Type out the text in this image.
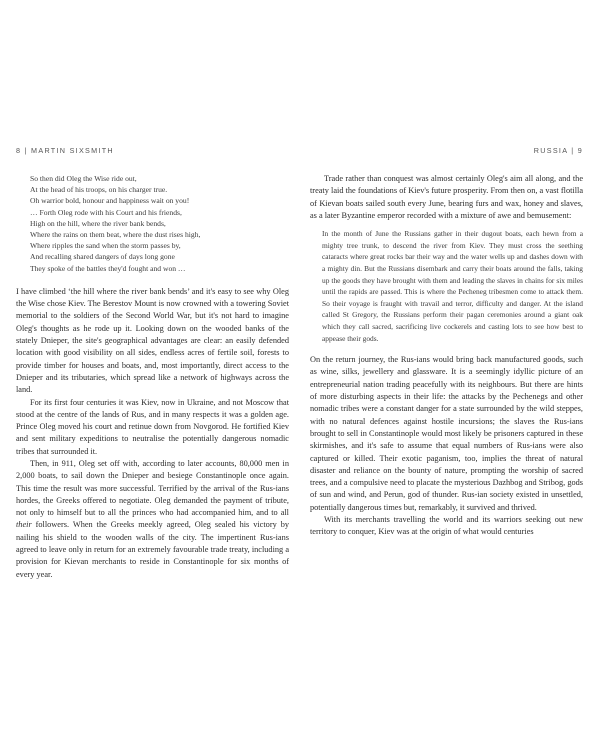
8 | MARTIN SIXSMITH
So then did Oleg the Wise ride out,
At the head of his troops, on his charger true.
Oh warrior bold, honour and happiness wait on you!
… Forth Oleg rode with his Court and his friends,
High on the hill, where the river bank bends,
Where the rains on them beat, where the dust rises high,
Where ripples the sand when the storm passes by,
And recalling shared dangers of days long gone
They spoke of the battles they'd fought and won …

I have climbed ‘the hill where the river bank bends’ and it's easy to see why Oleg the Wise chose Kiev. The Berestov Mount is now crowned with a towering Soviet memorial to the soldiers of the Second World War, but it's not hard to imagine Oleg's thoughts as he rode up it. Looking down on the wooded banks of the stately Dnieper, the site's geographical advantages are clear: an easily defended location with good visibility on all sides, endless acres of fertile soil, forests to provide timber for houses and boats, and, most importantly, direct access to the Dnieper and its tributaries, which spread like a network of highways across the land.

For its first four centuries it was Kiev, now in Ukraine, and not Moscow that stood at the centre of the lands of Rus, and in many respects it was a golden age. Prince Oleg moved his court and retinue down from Novgorod. He fortified Kiev and sent military expeditions to neutralise the potentially dangerous nomadic tribes that surrounded it.

Then, in 911, Oleg set off with, according to later accounts, 80,000 men in 2,000 boats, to sail down the Dnieper and besiege Constantinople once again. This time the result was more successful. Terrified by the arrival of the Rus-ians hordes, the Greeks offered to negotiate. Oleg demanded the payment of tribute, not only to himself but to all the princes who had accompanied him, and to all their followers. When the Greeks meekly agreed, Oleg sealed his victory by nailing his shield to the wooden walls of the city. The impertinent Rus-ians agreed to leave only in return for an extremely favourable trade treaty, including a provision for Kievan merchants to reside in Constantinople for six months of every year.

RUSSIA | 9

Trade rather than conquest was almost certainly Oleg's aim all along, and the treaty laid the foundations of Kiev's future prosperity. From then on, a vast flotilla of Kievan boats sailed south every June, bearing furs and wax, honey and slaves, as a later Byzantine emperor recorded with a mixture of awe and bemusement:

In the month of June the Russians gather in their dugout boats, each hewn from a mighty tree trunk, to descend the river from Kiev. They must cross the seething cataracts where great rocks bar their way and the water wells up and dashes down with a mighty din. But the Russians disembark and carry their boats around the falls, taking up the goods they have brought with them and leading the slaves in chains for six miles until the rapids are passed. This is where the Pecheneg tribesmen come to attack them. So their voyage is fraught with travail and terror, difficulty and danger. At the island called St Gregory, the Russians perform their pagan ceremonies around a giant oak which they call sacred, sacrificing live cockerels and casting lots to see how best to appease their gods.

On the return journey, the Rus-ians would bring back manufactured goods, such as wine, silks, jewellery and glassware. It is a seemingly idyllic picture of an entrepreneurial nation trading peacefully with its neighbours. But there are hints of more disturbing aspects in their life: the attacks by the Pechenegs and other nomadic tribes were a constant danger for a state surrounded by the wild steppes, with no natural defences against hostile incursions; the slaves the Rus-ians brought to sell in Constantinople would most likely be prisoners captured in these skirmishes, and it's safe to assume that equal numbers of Rus-ians were also captured or killed. Their exotic paganism, too, implies the threat of natural disaster and reliance on the bounty of nature, prompting the worship of sacred trees, and a compulsive need to placate the mysterious Dazhbog and Stribog, gods of sun and wind, and Perun, god of thunder. Rus-ian society existed in unsettled, potentially dangerous times but, remarkably, it survived and thrived.

With its merchants travelling the world and its warriors seeking out new territory to conquer, Kiev was at the origin of what would centuries
